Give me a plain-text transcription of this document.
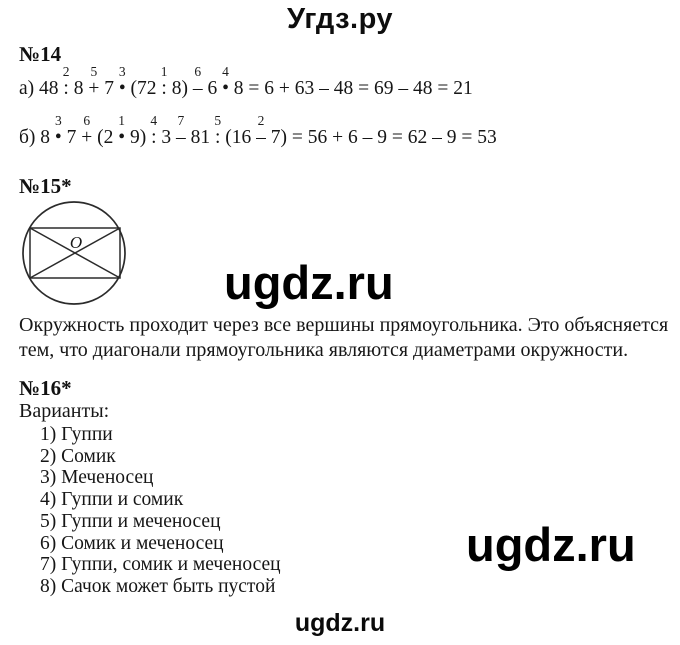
Угдз.ру
№14
а) 48 :
2
8 +
5
7 •
3
(72 :
1
8) –
6
6 •
4
8 = 6 + 63 – 48 = 69 – 48 = 21
б) 8 •
3
7 +
6
(2 •
1
9) :
4
3 –
7
81 :
5
(16 –
2
7) = 56 + 6 – 9 = 62 – 9 = 53
№15*
O
ugdz.ru
Окружность проходит через все вершины прямоугольника. Это объясняется
тем, что диагонали прямоугольника являются диаметрами окружности.
№16*
Варианты:
1) Гуппи
2) Сомик
3) Меченосец
4) Гуппи и сомик
5) Гуппи и меченосец
6) Сомик и меченосец
7) Гуппи, сомик и меченосец
8) Сачок может быть пустой
ugdz.ru
ugdz.ru
